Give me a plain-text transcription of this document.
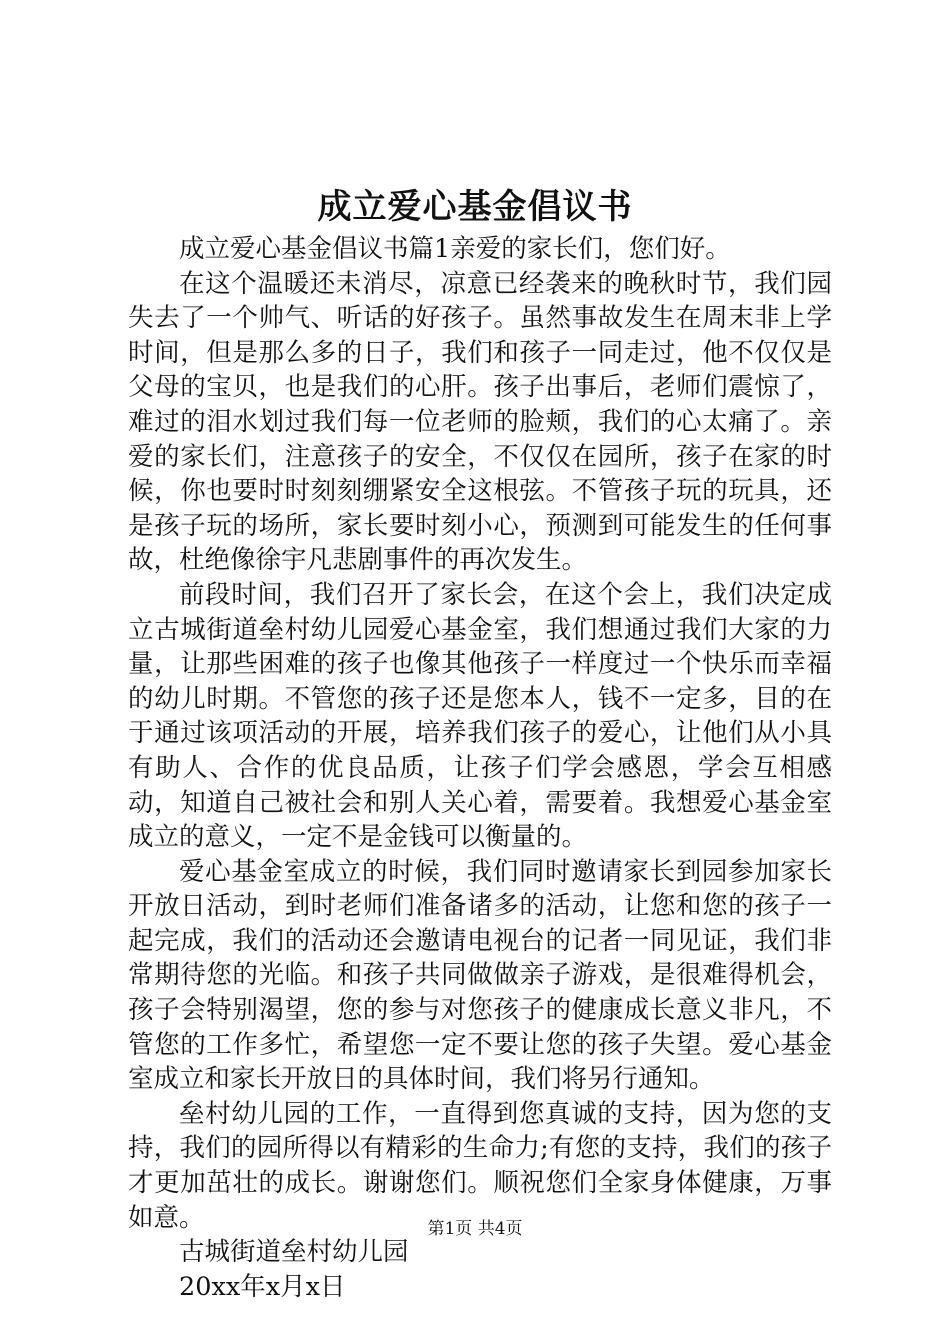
成立爱心基金倡议书

成立爱心基金倡议书篇1亲爱的家长们，您们好。

在这个温暖还未消尽，凉意已经袭来的晚秋时节，我们园失去了一个帅气、听话的好孩子。虽然事故发生在周末非上学时间，但是那么多的日子，我们和孩子一同走过，他不仅仅是父母的宝贝，也是我们的心肝。孩子出事后，老师们震惊了，难过的泪水划过我们每一位老师的脸颊，我们的心太痛了。亲爱的家长们，注意孩子的安全，不仅仅在园所，孩子在家的时候，你也要时时刻刻绷紧安全这根弦。不管孩子玩的玩具，还是孩子玩的场所，家长要时刻小心，预测到可能发生的任何事故，杜绝像徐宇凡悲剧事件的再次发生。

前段时间，我们召开了家长会，在这个会上，我们决定成立古城街道垒村幼儿园爱心基金室，我们想通过我们大家的力量，让那些困难的孩子也像其他孩子一样度过一个快乐而幸福的幼儿时期。不管您的孩子还是您本人，钱不一定多，目的在于通过该项活动的开展，培养我们孩子的爱心，让他们从小具有助人、合作的优良品质，让孩子们学会感恩，学会互相感动，知道自己被社会和别人关心着，需要着。我想爱心基金室成立的意义，一定不是金钱可以衡量的。

爱心基金室成立的时候，我们同时邀请家长到园参加家长开放日活动，到时老师们准备诸多的活动，让您和您的孩子一起完成，我们的活动还会邀请电视台的记者一同见证，我们非常期待您的光临。和孩子共同做做亲子游戏，是很难得机会，孩子会特别渴望，您的参与对您孩子的健康成长意义非凡，不管您的工作多忙，希望您一定不要让您的孩子失望。爱心基金室成立和家长开放日的具体时间，我们将另行通知。

垒村幼儿园的工作，一直得到您真诚的支持，因为您的支持，我们的园所得以有精彩的生命力;有您的支持，我们的孩子才更加茁壮的成长。谢谢您们。顺祝您们全家身体健康，万事如意。

古城街道垒村幼儿园

20xx年x月x日

第1页 共4页
